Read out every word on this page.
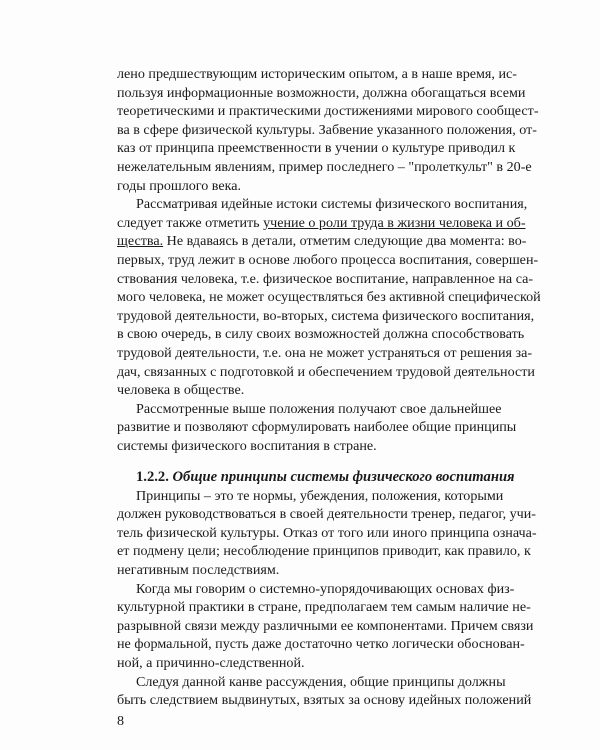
лено предшествующим историческим опытом, а в наше время, ис-
пользуя информационные возможности, должна обогащаться всеми
теоретическими и практическими достижениями мирового сообщест-
ва в сфере физической культуры. Забвение указанного положения, от-
каз от принципа преемственности в учении о культуре приводил к
нежелательным явлениям, пример последнего – "пролеткульт" в 20-е
годы прошлого века.
Рассматривая идейные истоки системы физического воспитания,
следует также отметить учение о роли труда в жизни человека и об-
щества. Не вдаваясь в детали, отметим следующие два момента: во-
первых, труд лежит в основе любого процесса воспитания, совершен-
ствования человека, т.е. физическое воспитание, направленное на са-
мого человека, не может осуществляться без активной специфической
трудовой деятельности, во-вторых, система физического воспитания,
в свою очередь, в силу своих возможностей должна способствовать
трудовой деятельности, т.е. она не может устраняться от решения за-
дач, связанных с подготовкой и обеспечением трудовой деятельности
человека в обществе.
Рассмотренные выше положения получают свое дальнейшее
развитие и позволяют сформулировать наиболее общие принципы
системы физического воспитания в стране.
1.2.2. Общие принципы системы физического воспитания
Принципы – это те нормы, убеждения, положения, которыми
должен руководствоваться в своей деятельности тренер, педагог, учи-
тель физической культуры. Отказ от того или иного принципа означа-
ет подмену цели; несоблюдение принципов приводит, как правило, к
негативным последствиям.
Когда мы говорим о системно-упорядочивающих основах физ-
культурной практики в стране, предполагаем тем самым наличие не-
разрывной связи между различными ее компонентами. Причем связи
не формальной, пусть даже достаточно четко логически обоснован-
ной, а причинно-следственной.
Следуя данной канве рассуждения, общие принципы должны
быть следствием выдвинутых, взятых за основу идейных положений
8
